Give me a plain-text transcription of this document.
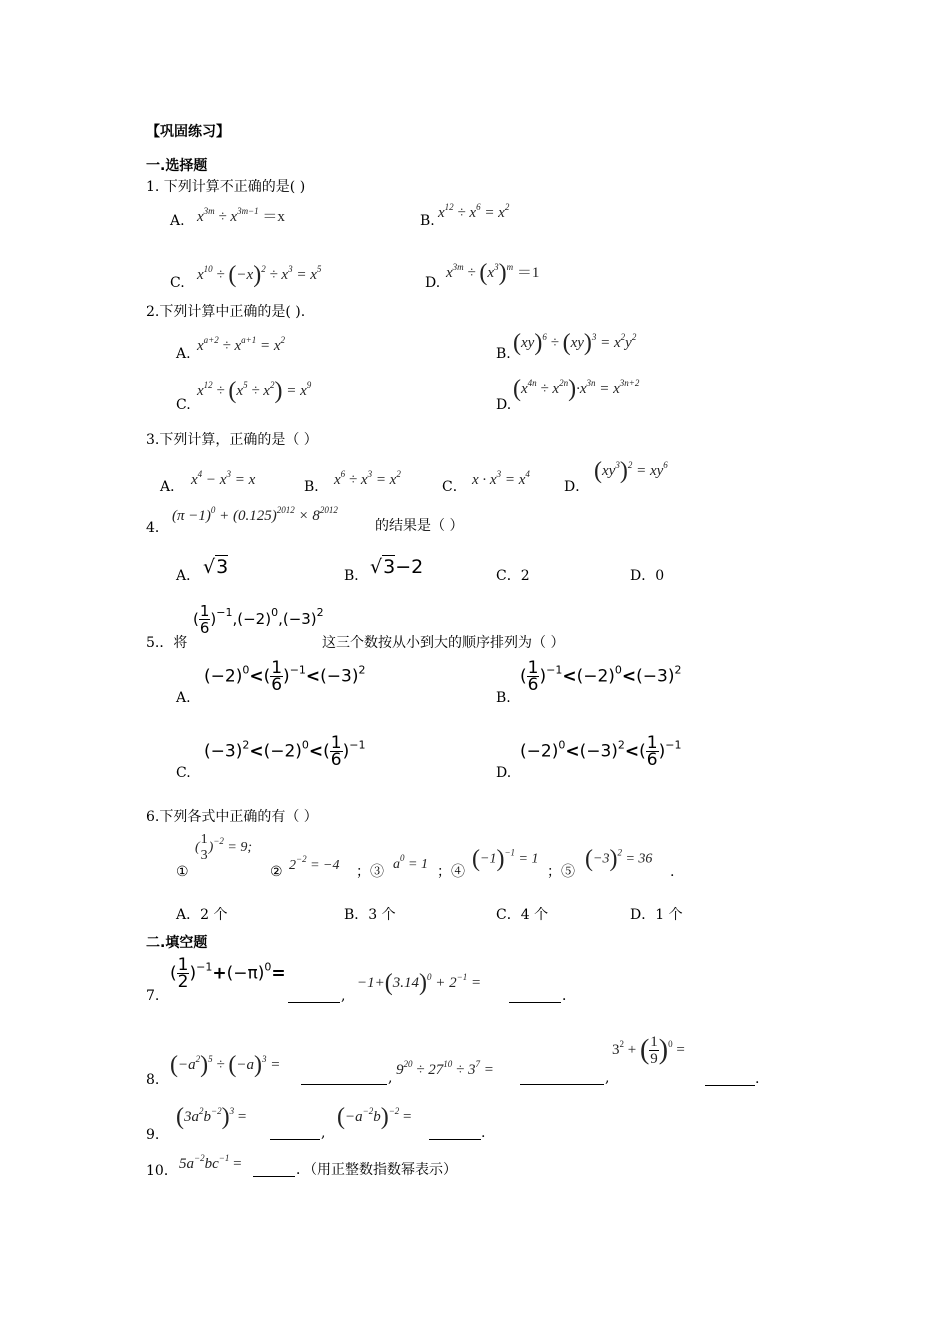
【巩固练习】
一.选择题
1. 下列计算不正确的是( )
A. $x^{3m} \div x^{3m-1} =x$	B. $x^{12} \div x^6 = x^2$
C.
$x^{10} \div (-x)^2 \div x^3 = x^5$
D.
$x^{3m} \div (x^3)^m =1$
2.下列计算中正确的是( ).
A. $x^{a+2} \div x^{a+1} = x^2$
B. $(xy)^6 \div (xy)^3 = x^2y^2$
C.
$x^{12} \div (x^5 \div x^2) = x^9$
D.
$(x^{4n} \div x^{2n})\cdot x^{3n} = x^{3n+2}$
3.下列计算，正确的是（ ）
A． $x^4 - x^3 = x$	B． $x^6 \div x^3 = x^2$
C． $x \cdot x^3 = x^4$
D．
$(xy^3)^2 = xy^6$
4．
$(\pi -1)^0 + (0.125)^{2012} \times 8^{2012}$
的结果是（ ）
A． √3	B． √3−2	C．2	D．0
5.．将
( $\frac{1}{6} )^{-1},(-2)^0,(-3)^2$
这三个数按从小到大的顺序排列为（ ）
A.
$(-2)^0<( \frac{1}{6} )^{-1}<(-3)^2$
B.
( $\frac{1}{6} )^{-1}<(-2)^0<(-3)^2$
C.
$(-3)^2<(-2)^0<( \frac{1}{6} )^{-1}$
D.
$(-2)^0<(-3)^2<( \frac{1}{6} )^{-1}$
6.下列各式中正确的有（ ）
①
(
1
3
)$^{-2}$ = 9;
② $2^{-2} = -4$ ；③ $a^0 = 1$ ；④ $(-1)^{-1} = 1$
；⑤ $(-3)^2 = 36$
.
A．2 个	B．3 个	C．4 个	D．1 个
二.填空题
7.
( $\frac{1}{2} )^{-1}+(-\pi)^0=$
,
$-1+(3.14)^0 + 2^{-1}$ =
．
8.
$(-a^2)^5 \div (-a)^3$ =
, $9^{20} \div 27^{10} \div 3^7$ =	,
$3^2$ + ( $\frac{1}{9} )^0$ =
.
9.
$(3a^2b^{-2})^3$ =
,
$(-a^{-2}b)^{-2}$ =
.
10． $5a^{-2}bc^{-1}$ =	．（用正整数指数幂表示）
